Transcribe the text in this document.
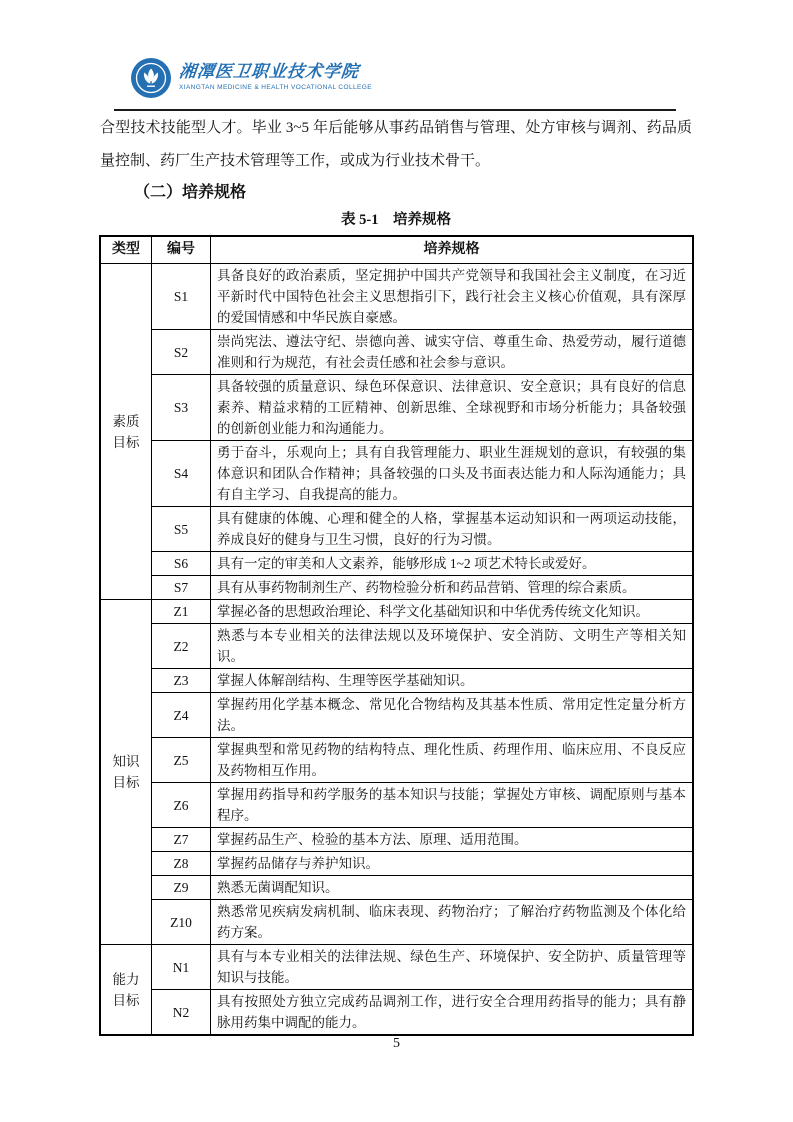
湘潭医卫职业技术学院
XIANGTAN MEDICINE & HEALTH VOCATIONAL COLLEGE

合型技术技能型人才。毕业 3~5 年后能够从事药品销售与管理、处方审核与调剂、药品质量控制、药厂生产技术管理等工作，或成为行业技术骨干。

（二）培养规格
表 5-1　培养规格
类型	编号	培养规格
素质目标	S1	具备良好的政治素质，坚定拥护中国共产党领导和我国社会主义制度，在习近平新时代中国特色社会主义思想指引下，践行社会主义核心价值观，具有深厚的爱国情感和中华民族自豪感。
	S2	崇尚宪法、遵法守纪、崇德向善、诚实守信、尊重生命、热爱劳动，履行道德准则和行为规范，有社会责任感和社会参与意识。
	S3	具备较强的质量意识、绿色环保意识、法律意识、安全意识；具有良好的信息素养、精益求精的工匠精神、创新思维、全球视野和市场分析能力；具备较强的创新创业能力和沟通能力。
	S4	勇于奋斗，乐观向上；具有自我管理能力、职业生涯规划的意识，有较强的集体意识和团队合作精神；具备较强的口头及书面表达能力和人际沟通能力；具有自主学习、自我提高的能力。
	S5	具有健康的体魄、心理和健全的人格，掌握基本运动知识和一两项运动技能，养成良好的健身与卫生习惯，良好的行为习惯。
	S6	具有一定的审美和人文素养，能够形成 1~2 项艺术特长或爱好。
	S7	具有从事药物制剂生产、药物检验分析和药品营销、管理的综合素质。
知识目标	Z1	掌握必备的思想政治理论、科学文化基础知识和中华优秀传统文化知识。
	Z2	熟悉与本专业相关的法律法规以及环境保护、安全消防、文明生产等相关知识。
	Z3	掌握人体解剖结构、生理等医学基础知识。
	Z4	掌握药用化学基本概念、常见化合物结构及其基本性质、常用定性定量分析方法。
	Z5	掌握典型和常见药物的结构特点、理化性质、药理作用、临床应用、不良反应及药物相互作用。
	Z6	掌握用药指导和药学服务的基本知识与技能；掌握处方审核、调配原则与基本程序。
	Z7	掌握药品生产、检验的基本方法、原理、适用范围。
	Z8	掌握药品储存与养护知识。
	Z9	熟悉无菌调配知识。
	Z10	熟悉常见疾病发病机制、临床表现、药物治疗；了解治疗药物监测及个体化给药方案。
能力目标	N1	具有与本专业相关的法律法规、绿色生产、环境保护、安全防护、质量管理等知识与技能。
	N2	具有按照处方独立完成药品调剂工作，进行安全合理用药指导的能力；具有静脉用药集中调配的能力。
5
